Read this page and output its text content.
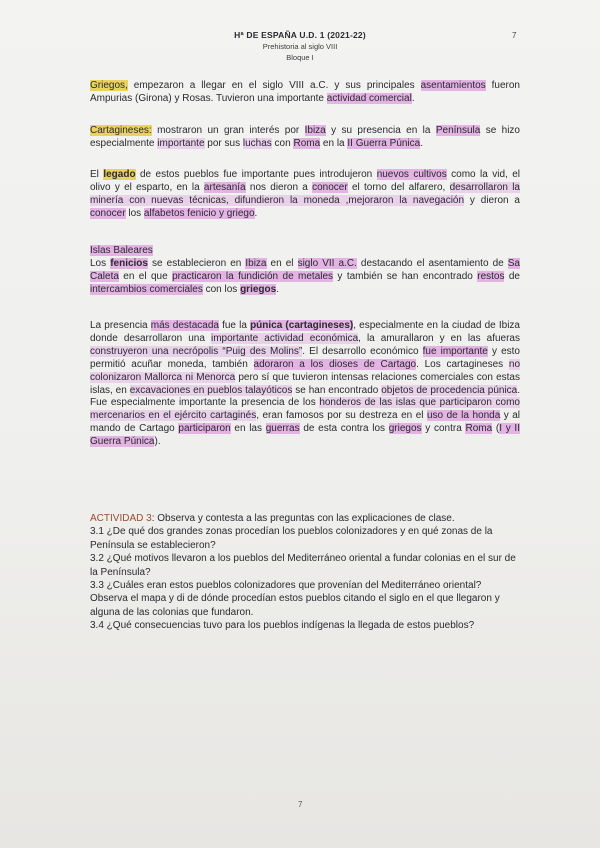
Hª DE ESPAÑA U.D. 1 (2021-22)
Prehistoria al siglo VIII
Bloque I
7

Griegos, empezaron a llegar en el siglo VIII a.C. y sus principales asentamientos fueron Ampurias (Girona) y Rosas. Tuvieron una importante actividad comercial.

Cartagineses: mostraron un gran interés por Ibiza y su presencia en la Península se hizo especialmente importante por sus luchas con Roma en la II Guerra Púnica.

El legado de estos pueblos fue importante pues introdujeron nuevos cultivos como la vid, el olivo y el esparto, en la artesanía nos dieron a conocer el torno del alfarero, desarrollaron la minería con nuevas técnicas, difundieron la moneda ,mejoraron la navegación y dieron a conocer los alfabetos fenicio y griego.

Islas Baleares

Los fenicios se establecieron en Ibiza en el siglo VII a.C. destacando el asentamiento de Sa Caleta en el que practicaron la fundición de metales y también se han encontrado restos de intercambios comerciales con los griegos.

La presencia más destacada fue la púnica (cartagineses), especialmente en la ciudad de Ibiza donde desarrollaron una importante actividad económica, la amurallaron y en las afueras construyeron una necrópolis “Puig des Molins”. El desarrollo económico fue importante y esto permitió acuñar moneda, también adoraron a los dioses de Cartago. Los cartagineses no colonizaron Mallorca ni Menorca pero sí que tuvieron intensas relaciones comerciales con estas islas, en excavaciones en pueblos talayóticos se han encontrado objetos de procedencia púnica. Fue especialmente importante la presencia de los honderos de las islas que participaron como mercenarios en el ejército cartaginés, eran famosos por su destreza en el uso de la honda y al mando de Cartago participaron en las guerras de esta contra los griegos y contra Roma (I y II Guerra Púnica).

ACTIVIDAD 3: Observa y contesta a las preguntas con las explicaciones de clase.

3.1 ¿De qué dos grandes zonas procedían los pueblos colonizadores y en qué zonas de la Península se establecieron?

3.2 ¿Qué motivos llevaron a los pueblos del Mediterráneo oriental a fundar colonias en el sur de la Península?

3.3 ¿Cuáles eran estos pueblos colonizadores que provenían del Mediterráneo oriental? Observa el mapa y di de dónde procedían estos pueblos citando el siglo en el que llegaron y alguna de las colonias que fundaron.

3.4 ¿Qué consecuencias tuvo para los pueblos indígenas la llegada de estos pueblos?

7
